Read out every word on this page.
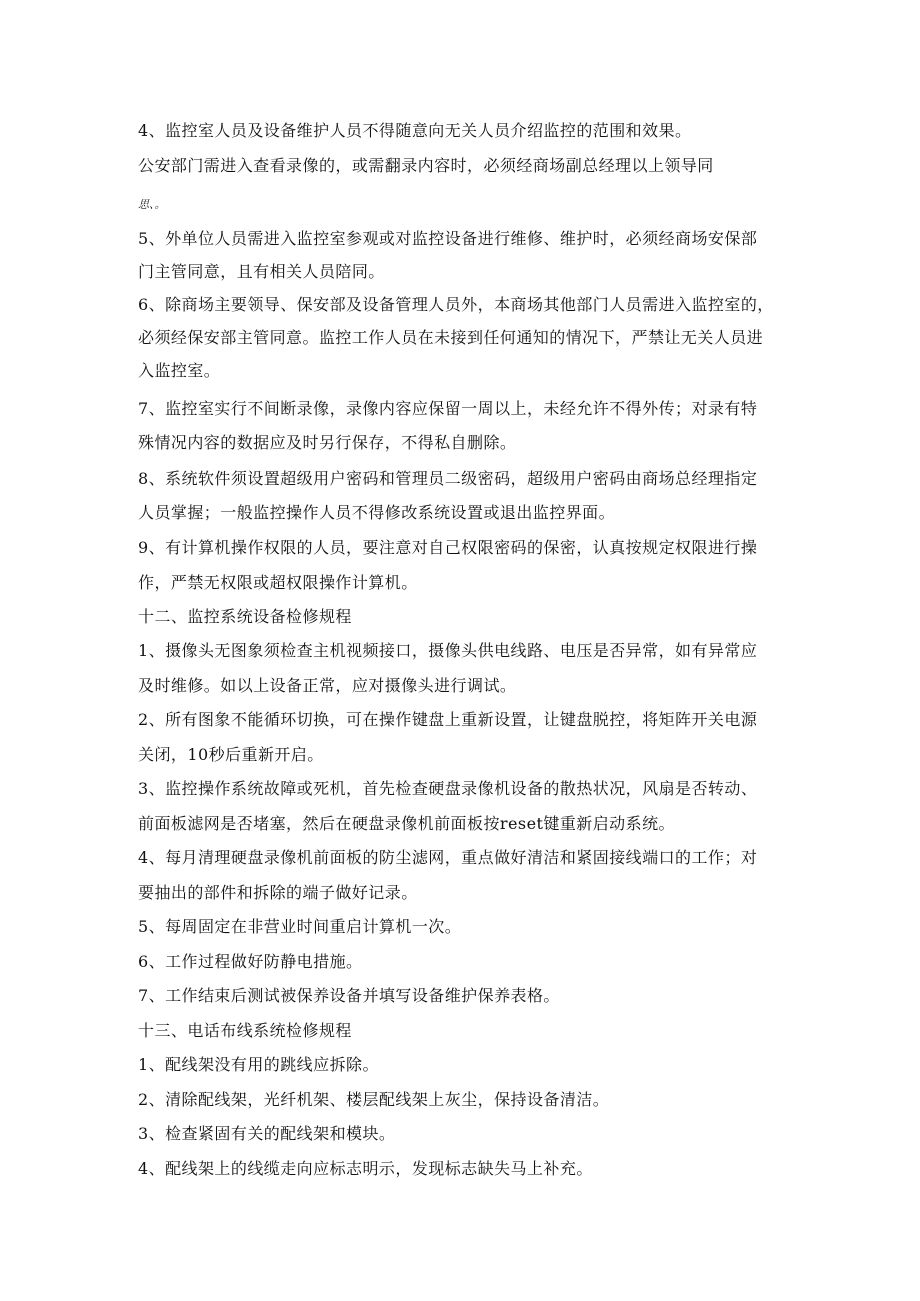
4、监控室人员及设备维护人员不得随意向无关人员介绍监控的范围和效果。

公安部门需进入查看录像的，或需翻录内容时，必须经商场副总经理以上领导同

思、。

5、外单位人员需进入监控室参观或对监控设备进行维修、维护时，必须经商场安保部

门主管同意，且有相关人员陪同。

6、除商场主要领导、保安部及设备管理人员外，本商场其他部门人员需进入监控室的，

必须经保安部主管同意。监控工作人员在未接到任何通知的情况下，严禁让无关人员进

入监控室。

7、监控室实行不间断录像，录像内容应保留一周以上，未经允许不得外传；对录有特

殊情况内容的数据应及时另行保存，不得私自删除。

8、系统软件须设置超级用户密码和管理员二级密码，超级用户密码由商场总经理指定

人员掌握；一般监控操作人员不得修改系统设置或退出监控界面。

9、有计算机操作权限的人员，要注意对自己权限密码的保密，认真按规定权限进行操

作，严禁无权限或超权限操作计算机。

十二、监控系统设备检修规程

1、摄像头无图象须检查主机视频接口，摄像头供电线路、电压是否异常，如有异常应

及时维修。如以上设备正常，应对摄像头进行调试。

2、所有图象不能循环切换，可在操作键盘上重新设置，让键盘脱控，将矩阵开关电源

关闭，10秒后重新开启。

3、监控操作系统故障或死机，首先检查硬盘录像机设备的散热状况，风扇是否转动、

前面板滤网是否堵塞，然后在硬盘录像机前面板按reset键重新启动系统。

4、每月清理硬盘录像机前面板的防尘滤网，重点做好清洁和紧固接线端口的工作；对

要抽出的部件和拆除的端子做好记录。

5、每周固定在非营业时间重启计算机一次。

6、工作过程做好防静电措施。

7、工作结束后测试被保养设备并填写设备维护保养表格。

十三、电话布线系统检修规程

1、配线架没有用的跳线应拆除。

2、清除配线架，光纤机架、楼层配线架上灰尘，保持设备清洁。

3、检查紧固有关的配线架和模块。

4、配线架上的线缆走向应标志明示，发现标志缺失马上补充。
